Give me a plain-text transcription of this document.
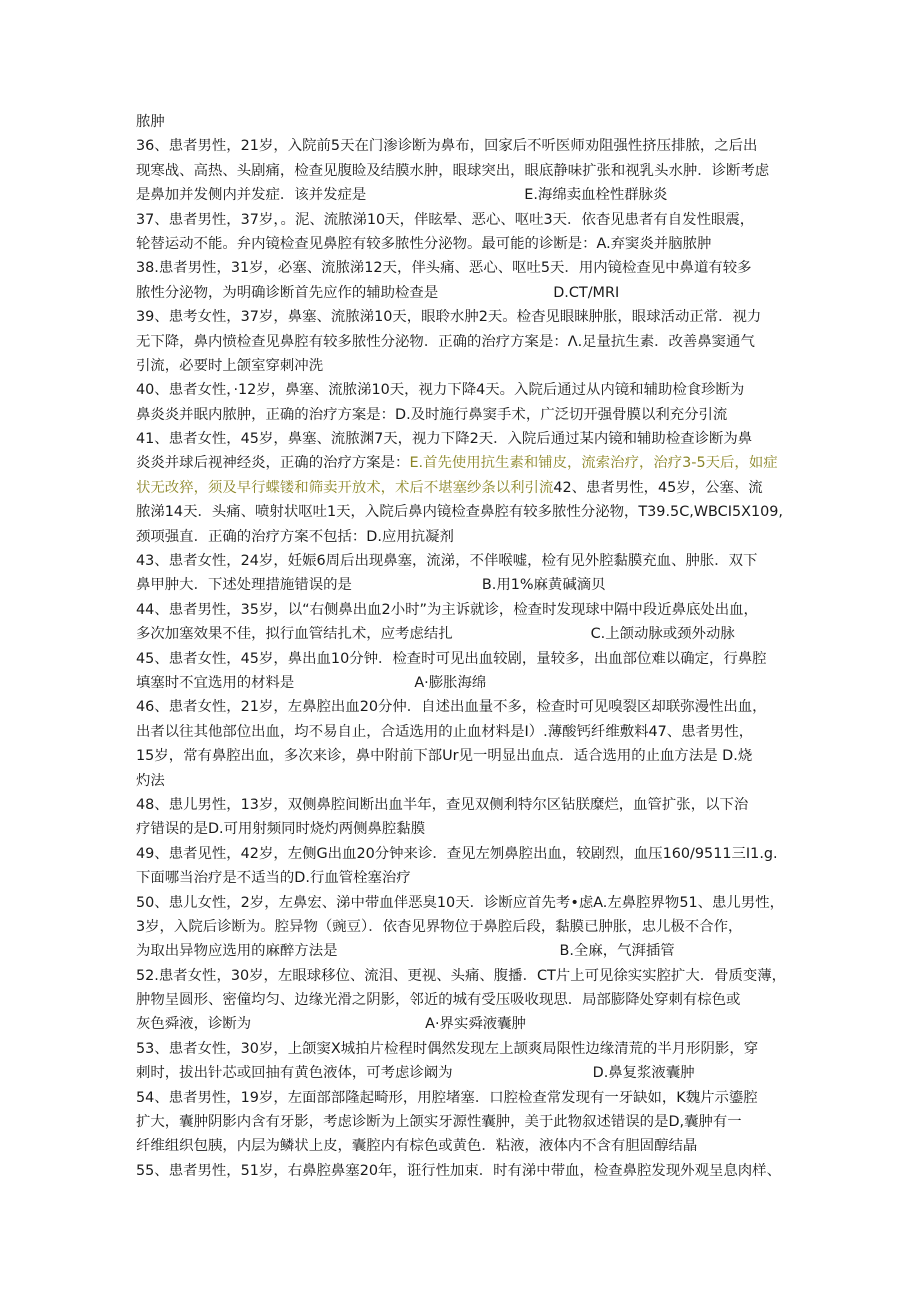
脓肿
36、患者男性，21岁，入院前5天在门渗诊断为鼻布，回家后不听医师劝阻强性挤压排脓，之后出
现寒战、高热、头剧痛，检查见腹睑及结膜水肿，眼球突出，眼底静味扩张和视乳头水肿．诊断考虑
是鼻加并发侧内并发症．该并发症是	E.海绵卖血栓性群脉炎
37、患者男性，37岁，。泥、流脓涕10天，伴眩晕、恶心、呕吐3天．依杳见患者有自发性眼震，
轮替运动不能。弁内镜检查见鼻腔有较多脓性分泌物。最可能的诊断是：A.弃窦炎并脑脓肿
38.患者男性，31岁，必塞、流脓涕12天，伴头痛、恶心、呕吐5天．用内镜检查见中鼻道有较多
脓性分泌物，为明确诊断首先应作的辅助检查是	D.CT/MRI
39、患考女性，37岁，鼻塞、流脓涕10天，眼聆水肿2天。检杳见眼睐肿胀，眼球活动正常．视力
无下降，鼻内愤检查见鼻腔有较多脓性分泌物．正确的治疗方案是：Λ.足量抗生素．改善鼻窦通气
引流，必要时上颌室穿刺冲洗
40、患者女性，·12岁，鼻塞、流脓涕10天，视力下降4天。入院后通过从内镜和辅助检食珍断为
鼻炎炎并眠内脓肿，正确的治疗方案是：D.及时施行鼻窦手术，广泛切开强骨膜以利充分引流
41、患者女性，45岁，鼻塞、流脓渊7天，视力下降2天．入院后通过某内镜和辅助检查诊断为鼻
炎炎并球后视神经炎，正确的治疗方案是： E.首先使用抗生素和铺皮，流索治疗，治疗3-5天后，如症
状无改猝，须及早行蝶镂和筛卖开放术，术后不堪塞纱条以利引流 42、患者男性，45岁，公塞、流
脓涕14天．头痛、喷射状呕吐1天，入院后鼻内镜检查鼻腔有较多脓性分泌物，T39.5C,WBCI5X109,
颈项强直．正确的治疗方案不包括：D.应用抗凝剂
43、患者女性，24岁，妊娠6周后出现鼻塞，流涕，不伴喉嘘，检有见外腔黏膜充血、肿胀．双下
鼻甲肿大．下述处理措施错误的是	B.用1%麻黄碱滴贝
44、患者男性，35岁，以“右侧鼻出血2小时”为主诉就诊，检查时发现球中隔中段近鼻底处出血，
多次加塞效果不佳，拟行血管结扎术，应考虑结扎	C.上颌动脉或颈外动脉
45、患者女性，45岁，鼻出血10分钟．检查时可见出血较剧，量较多，出血部位难以确定，行鼻腔
填塞时不宜选用的材料是	A·膨胀海绵
46、患者女性，21岁，左鼻腔出血20分仲．自述出血量不多，检查时可见嗅裂区却联弥漫性出血，
出者以往其他部位出血，均不易自止，合适选用的止血材料是I）.薄酸钙纤维敷料47、患者男性，
15岁，常有鼻腔出血，多次来诊，鼻中附前下部Ur见一明显出血点．适合选用的止血方法是 D.烧
灼法
48、患儿男性，13岁，双侧鼻腔间断出血半年，查见双侧利特尔区钻朕糜烂，血管扩张，以下治
疗错误的是D.可用射频同时烧灼两侧鼻腔黏膜
49、患者见性，42岁，左侧G出血20分钟来诊．查见左刎鼻腔出血，较剧烈，血压160/9511三I1.g.
下面哪当治疗是不适当的D.行血管栓塞治疗
50、患儿女性，2岁，左鼻宏、涕中带血伴恶臭10天．诊断应首先考•虑A.左鼻腔界物51、患儿男性，
3岁，入院后诊断为。腔异物（豌豆）．依杳见界物位于鼻腔后段，黏膜已肿胀，忠儿极不合作，
为取出异物应选用的麻醉方法是	B.全麻，气湃插管
52.患者女性，30岁，左眼球移位、流泪、更视、头痛、腹播．CT片上可见徐实实腔扩大．骨质变薄，
肿物呈圆形、密僮均匀、边缘光滑之阴影，邻近的城有受压吸收现思．局部膨降处穿刺有棕色或
灰色舜液，诊断为	A·界实舜液囊肿
53、患者女性，30岁，上颌窦X城拍片检程时偶然发现左上颉爽局限性边缘清荒的半月形阴影，穿
刺时，拔出针芯或回抽有黄色液体，可考虑诊阚为	D.鼻复浆液囊肿
54、患者男性，19岁，左面部部隆起畸形，用腔堵塞．口腔检查常发现有一牙缺如，K魏片示鎏腔
扩大，囊肿阴影内含有牙影，考虑诊断为上颌实牙源性囊肿，美于此物叙述错误的是D,囊肿有一
纤维组织包胰，内层为鳞状上皮，囊腔内有棕色或黄色．粘液，液体内不含有胆固醇结晶
55、患者男性，51岁，右鼻腔鼻塞20年，诳行性加束．时有涕中带血，检查鼻腔发现外观呈息肉样、
